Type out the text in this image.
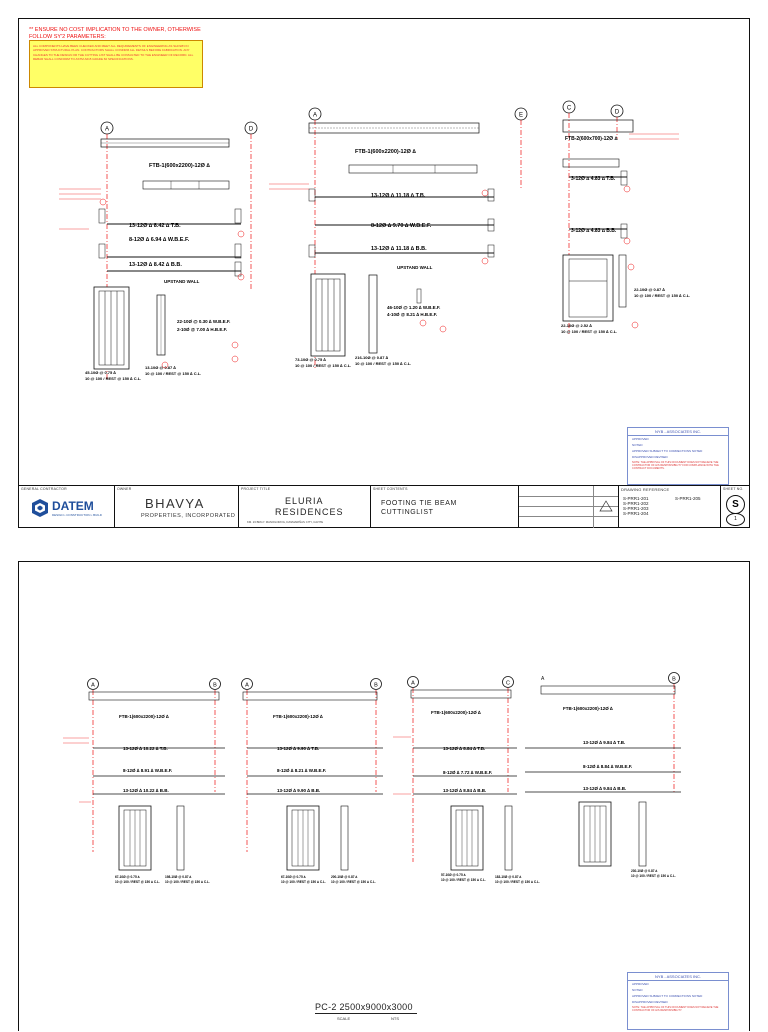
** ENSURE NO COST IMPLICATION TO THE OWNER, OTHERWISE FOLLOW SY'2 PARAMETERS:
ALL COMPONENTS HAVE BEEN CHECKED AND MEET ALL REQUIREMENTS OF ENGINEERING AS SHOWN IN APPROVED STRUCTURAL PLAN. CONTRACTORS SHALL CONFIRM ALL DETAILS BEFORE FABRICATION. ANY CHANGES TO THE DESIGN OR THE CUTTING LIST SHALL BE CONSULTED TO THE ENGINEER OF RECORD. ALL REBAR SHALL CONFORM TO ASTM A615 GRADE 60 SPECIFICATIONS.
A	D
FTB-1(600x2200)-12Ø ∆
13-12Ø ∆ 8.42 ∆ T.B.
8-12Ø ∆ 6.94 ∆ W.B.E.F.
13-12Ø ∆ 8.42 ∆ B.B.
UPSTAND WALL
22-10Ø @ 0.30 ∆ W.B.E.F.
2-10Ø @ 7.00 ∆ H.B.E.F.
45-10Ø @ 0.75 ∆
10 @ 100 / REST @ 150 ∆ C.L.
13-10Ø @ 0.87 ∆
10 @ 100 / REST @ 150 ∆ C.L.
A	E
FTB-1(600x2200)-12Ø ∆
13-12Ø ∆ 11.18 ∆ T.B.
8-12Ø ∆ 9.70 ∆ W.B.E.F.
13-12Ø ∆ 11.18 ∆ B.B.
UPSTAND WALL
46-10Ø @ 1.20 ∆ W.B.E.F.
4-10Ø @ 8.21 ∆ H.B.E.F.
73-10Ø @ 0.75 ∆
10 @ 100 / REST @ 150 ∆ C.L.
216-10Ø @ 0.87 ∆
10 @ 100 / REST @ 150 ∆ C.L.
C
D
FTB-2(600x700)-12Ø ∆
3-12Ø ∆ 4.83 ∆ T.B.
3-12Ø ∆ 4.83 ∆ B.B.
22-10Ø @ 0.87 ∆
10 @ 100 / REST @ 150 ∆ C.L.
22-10Ø @ 2.52 ∆
10 @ 100 / REST @ 150 ∆ C.L.
NYB - ASSOCIATES INC.
APPROVED
NOTED
APPROVED SUBJECT TO CORRECTIONS NOTED
DISAPPROVED REVISED
NOTE: THE APPROVAL OF THIS DOCUMENT DOES NOT RELIEVE THE CONTRACTOR OF HIS RESPONSIBILITY FOR COMPLIANCE WITH THE CONTRACT DOCUMENTS.
GENERAL CONTRACTOR
DATEM
DESIGN • CONSTRUCTION • BUILD
OWNER
BHAVYA
PROPERTIES, INCORPORATED
PROJECT TITLE
ELURIA
RESIDENCES
KM. 23 BRGY. MANOGOROG, DASMARIÑAS CITY, CAVITE
SHEET CONTENTS
FOOTING TIE BEAM
CUTTINGLIST
DRAWING REFERENCE
S-PRR1-201
S-PRR1-202
S-PRR1-203
S-PRR1-204
S-PRR1-205
SHEET NO.
S
1
A	B
FTB-1(600x2200)-12Ø ∆
13-12Ø ∆ 10.22 ∆ T.B.
8-12Ø ∆ 8.91 ∆ W.B.E.F.
13-12Ø ∆ 10.22 ∆ B.B.
67-10Ø @ 0.75 ∆
10 @ 100 / REST @ 150 ∆ C.L.
198-10Ø @ 0.87 ∆
10 @ 100 / REST @ 150 ∆ C.L.
A	B
FTB-1(600x2200)-12Ø ∆
13-12Ø ∆ 9.90 ∆ T.B.
8-12Ø ∆ 8.21 ∆ W.B.E.F.
13-12Ø ∆ 9.90 ∆ B.B.
67-10Ø @ 0.75 ∆
10 @ 100 / REST @ 150 ∆ C.L.
200-10Ø @ 0.87 ∆
10 @ 100 / REST @ 150 ∆ C.L.
A	C
FTB-1(600x2200)-12Ø ∆
13-12Ø ∆ 8.84 ∆ T.B.
8-12Ø ∆ 7.72 ∆ W.B.E.F.
13-12Ø ∆ 8.84 ∆ B.B.
57-10Ø @ 0.75 ∆
10 @ 100 / REST @ 150 ∆ C.L.
183-10Ø @ 0.87 ∆
10 @ 100 / REST @ 150 ∆ C.L.
B
A
FTB-1(600x2200)-12Ø ∆
13-12Ø ∆ 9.84 ∆ T.B.
8-12Ø ∆ 8.84 ∆ W.B.E.F.
13-12Ø ∆ 9.84 ∆ B.B.
230-10Ø @ 0.87 ∆
10 @ 100 / REST @ 150 ∆ C.L.
NYB - ASSOCIATES INC.
APPROVED
NOTED
APPROVED SUBJECT TO CORRECTIONS NOTED
DISAPPROVED REVISED
NOTE: THE APPROVAL OF THIS DOCUMENT DOES NOT RELIEVE THE CONTRACTOR OF HIS RESPONSIBILITY.
PC-2 2500x9000x3000
SCALE	NTS
